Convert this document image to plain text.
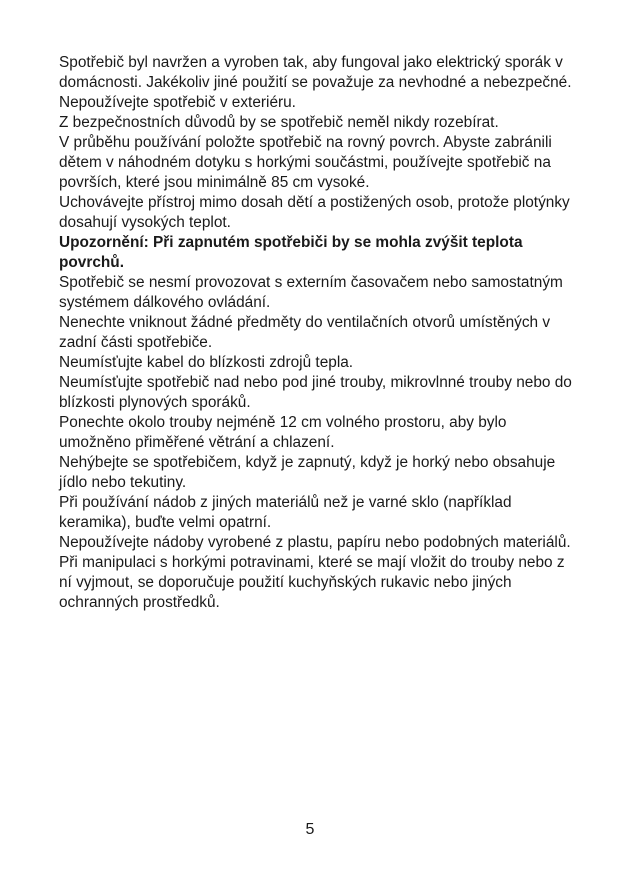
Spotřebič byl navržen a vyroben tak, aby fungoval jako elektrický sporák v domácnosti. Jakékoliv jiné použití se považuje za nevhodné a nebezpečné.

Nepoužívejte spotřebič v exteriéru.

Z bezpečnostních důvodů by se spotřebič neměl nikdy rozebírat.

V průběhu používání položte spotřebič na rovný povrch. Abyste zabránili dětem v náhodném dotyku s horkými součástmi, používejte spotřebič na površích, které jsou minimálně 85 cm vysoké.

Uchovávejte přístroj mimo dosah dětí a postižených osob, protože plotýnky dosahují vysokých teplot.

Upozornění: Při zapnutém spotřebiči by se mohla zvýšit teplota povrchů.

Spotřebič se nesmí provozovat s externím časovačem nebo samostatným systémem dálkového ovládání.

Nenechte vniknout žádné předměty do ventilačních otvorů umístěných v zadní části spotřebiče.

Neumísťujte kabel do blízkosti zdrojů tepla.

Neumísťujte spotřebič nad nebo pod jiné trouby, mikrovlnné trouby nebo do blízkosti plynových sporáků.

Ponechte okolo trouby nejméně 12 cm volného prostoru, aby bylo umožněno přiměřené větrání a chlazení.

Nehýbejte se spotřebičem, když je zapnutý, když je horký nebo obsahuje jídlo nebo tekutiny.

Při používání nádob z jiných materiálů než je varné sklo (například keramika), buďte velmi opatrní.

Nepoužívejte nádoby vyrobené z plastu, papíru nebo podobných materiálů.

Při manipulaci s horkými potravinami, které se mají vložit do trouby nebo z ní vyjmout, se doporučuje použití kuchyňských rukavic nebo jiných ochranných prostředků.

5
